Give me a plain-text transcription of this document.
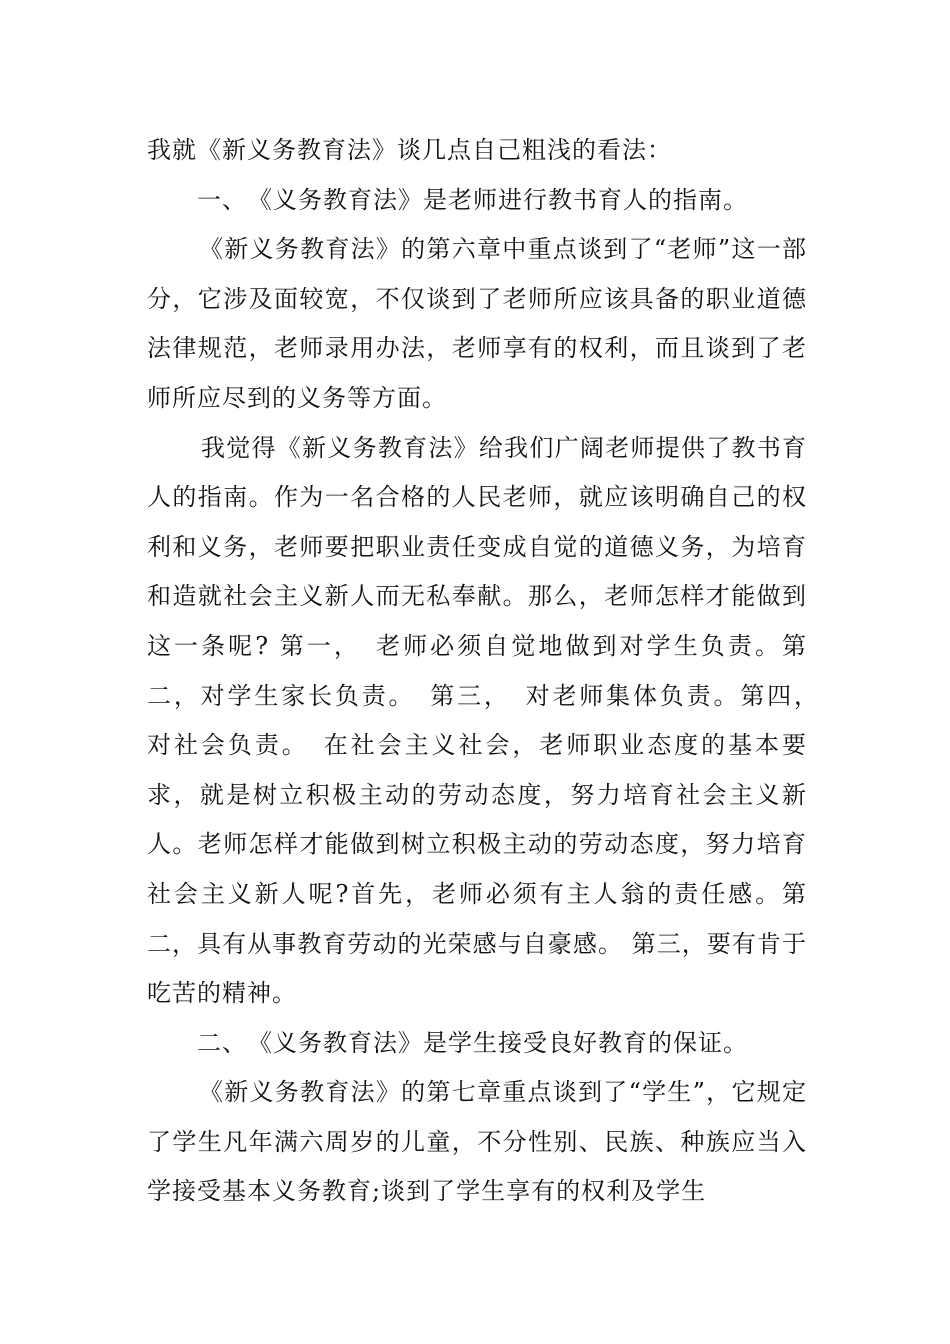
我就《新义务教育法》谈几点自己粗浅的看法：

一、　《义务教育法》是老师进行教书育人的指南。

《新义务教育法》的第六章中重点谈到了“老师”这一部分，它涉及面较宽，不仅谈到了老师所应该具备的职业道德法律规范，老师录用办法，老师享有的权利，而且谈到了老师所应尽到的义务等方面。

我觉得《新义务教育法》给我们广阔老师提供了教书育人的指南。作为一名合格的人民老师，就应该明确自己的权利和义务，老师要把职业责任变成自觉的道德义务，为培育和造就社会主义新人而无私奉献。那么，老师怎样才能做到这一条呢? 第一，　老师必须自觉地做到对学生负责。第二，对学生家长负责。　第三，　对老师集体负责。第四，　对社会负责。　在社会主义社会，老师职业态度的基本要求，就是树立积极主动的劳动态度，努力培育社会主义新人。老师怎样才能做到树立积极主动的劳动态度，努力培育社会主义新人呢?首先，老师必须有主人翁的责任感。第二，具有从事教育劳动的光荣感与自豪感。 第三，要有肯于吃苦的精神。

二、　《义务教育法》是学生接受良好教育的保证。

《新义务教育法》的第七章重点谈到了“学生”，它规定了学生凡年满六周岁的儿童，不分性别、民族、种族应当入学接受基本义务教育;谈到了学生享有的权利及学生
